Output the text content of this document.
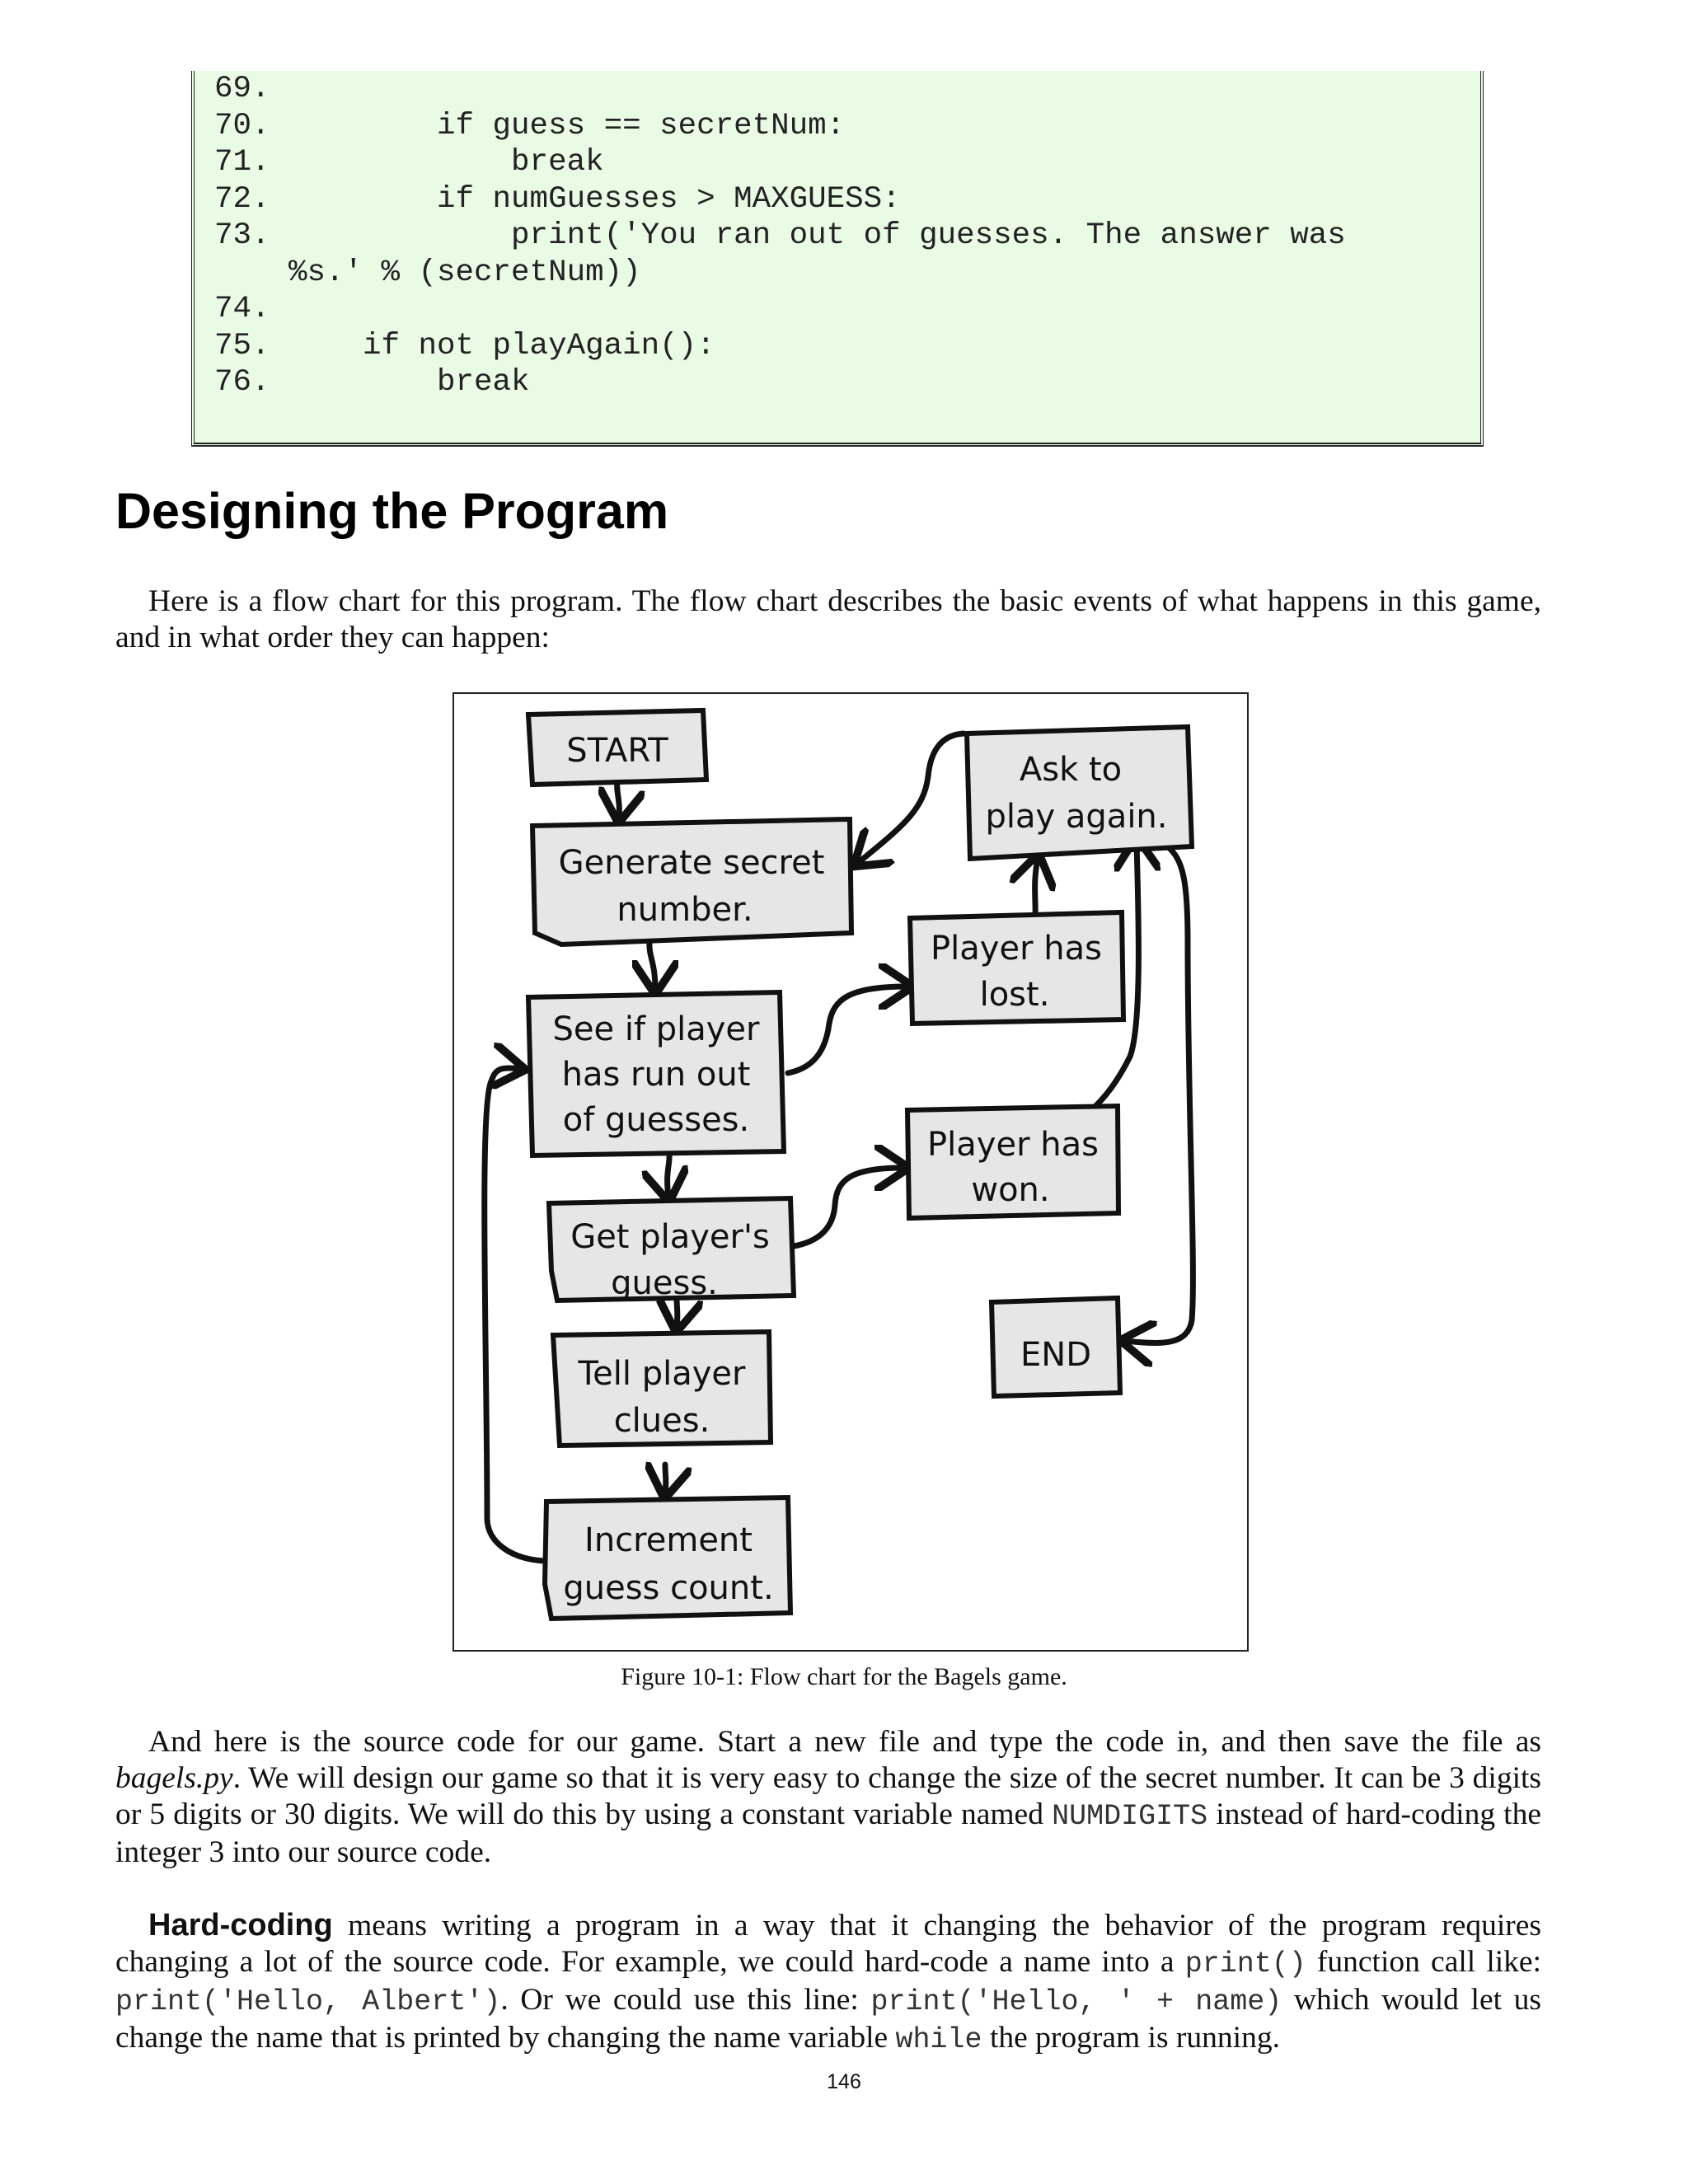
69.
70.         if guess == secretNum:
71.             break
72.         if numGuesses > MAXGUESS:
73.             print('You ran out of guesses. The answer was
%s.' % (secretNum))
74.
75.     if not playAgain():
76.         break
Designing the Program

Here is a flow chart for this program. The flow chart describes the basic events of what happens in this game, and in what order they can happen:

START
Generate secret
number.
See if player
has run out
of guesses.
Get player's
guess.
Tell player
clues.
Increment
guess count.
Ask to
play again.
Player has
lost.
Player has
won.
END

Figure 10-1: Flow chart for the Bagels game.

And here is the source code for our game. Start a new file and type the code in, and then save the file as bagels.py. We will design our game so that it is very easy to change the size of the secret number. It can be 3 digits or 5 digits or 30 digits. We will do this by using a constant variable named NUMDIGITS instead of hard-coding the integer 3 into our source code.

Hard-coding means writing a program in a way that it changing the behavior of the program requires changing a lot of the source code. For example, we could hard-code a name into a print() function call like: print('Hello, Albert'). Or we could use this line: print('Hello, ' + name) which would let us change the name that is printed by changing the name variable while the program is running.

146
